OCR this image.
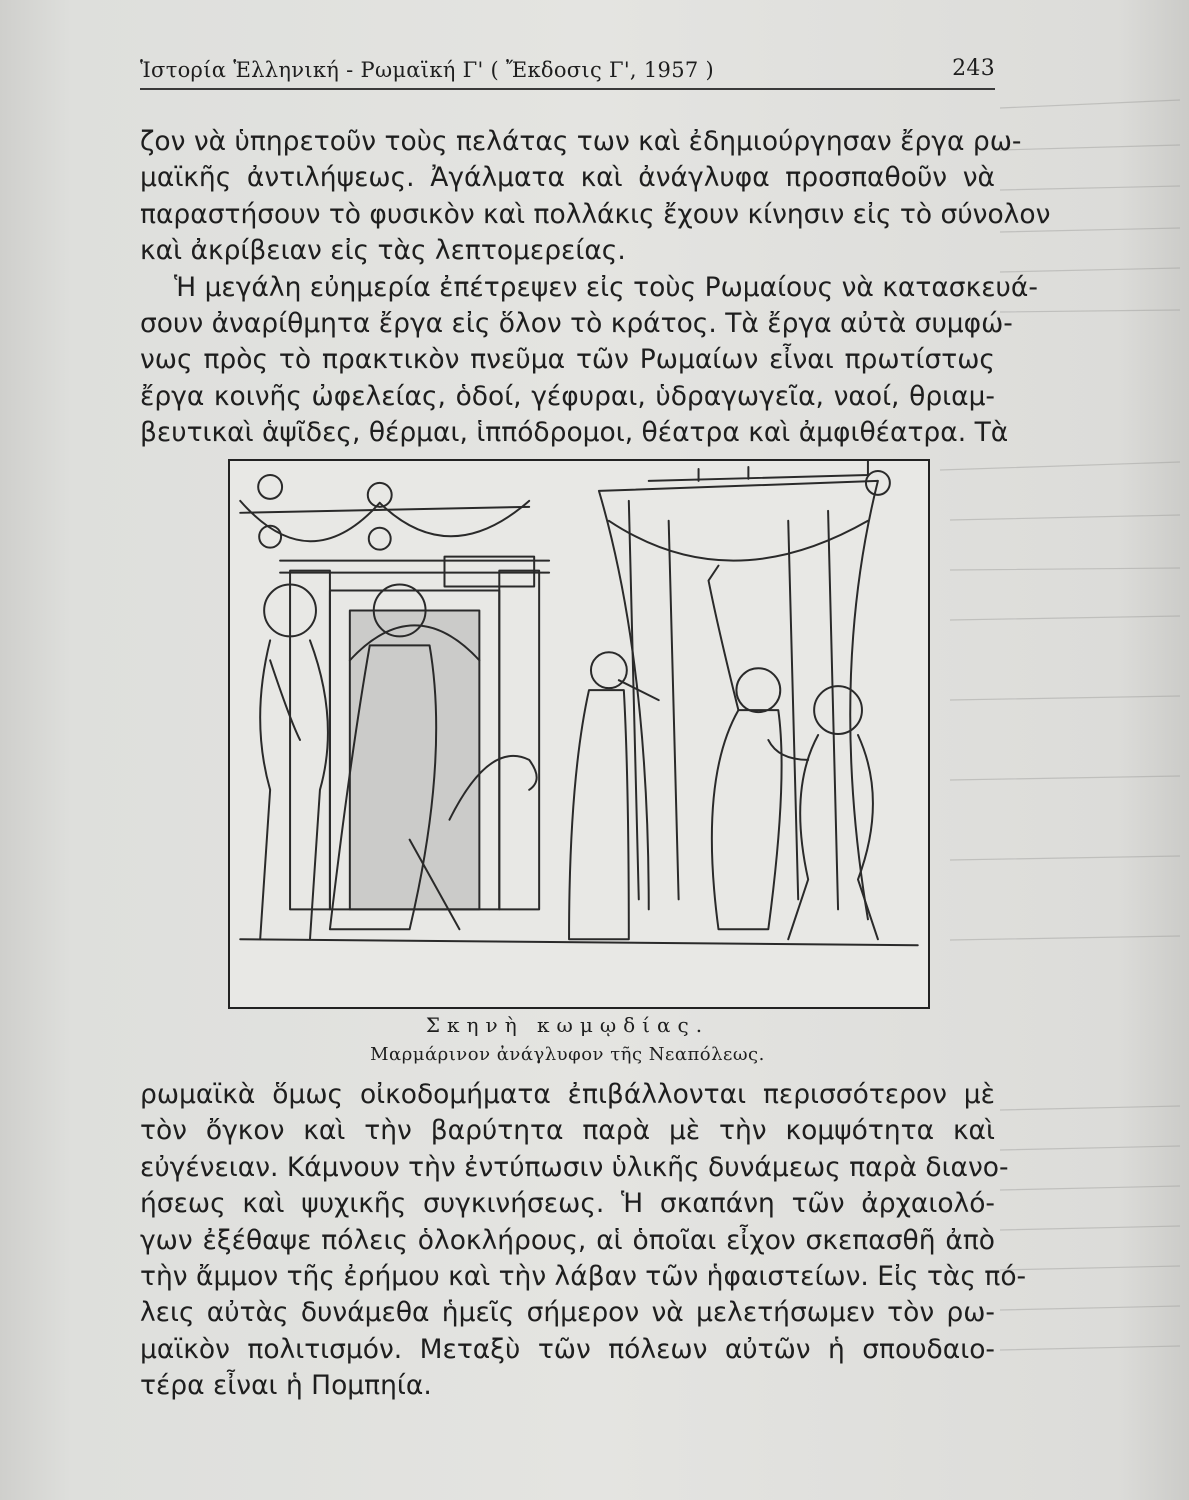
Ἱστορία Ἑλληνική - Ρωμαϊκή Γ' ( Ἔκδοσις Γ', 1957 )	243
ζον νὰ ὑπηρετοῦν τοὺς πελάτας των καὶ ἐδημιούργησαν ἔργα ρω-
μαϊκῆς ἀντιλήψεως. Ἀγάλματα καὶ ἀνάγλυφα προσπαθοῦν νὰ
παραστήσουν τὸ φυσικὸν καὶ πολλάκις ἔχουν κίνησιν εἰς τὸ σύνολον
καὶ ἀκρίβειαν εἰς τὰς λεπτομερείας.
Ἡ μεγάλη εὐημερία ἐπέτρεψεν εἰς τοὺς Ρωμαίους νὰ κατασκευά-
σουν ἀναρίθμητα ἔργα εἰς ὅλον τὸ κράτος. Τὰ ἔργα αὐτὰ συμφώ-
νως πρὸς τὸ πρακτικὸν πνεῦμα τῶν Ρωμαίων εἶναι πρωτίστως
ἔργα κοινῆς ὠφελείας, ὁδοί, γέφυραι, ὑδραγωγεῖα, ναοί, θριαμ-
βευτικαὶ ἁψῖδες, θέρμαι, ἱππόδρομοι, θέατρα καὶ ἀμφιθέατρα. Τὰ
Σκηνὴ κωμῳδίας.
Μαρμάρινον ἀνάγλυφον τῆς Νεαπόλεως.
ρωμαϊκὰ ὅμως οἰκοδομήματα ἐπιβάλλονται περισσότερον μὲ
τὸν ὄγκον καὶ τὴν βαρύτητα παρὰ μὲ τὴν κομψότητα καὶ
εὐγένειαν. Κάμνουν τὴν ἐντύπωσιν ὑλικῆς δυνάμεως παρὰ διανο-
ήσεως καὶ ψυχικῆς συγκινήσεως. Ἡ σκαπάνη τῶν ἀρχαιολό-
γων ἐξέθαψε πόλεις ὁλοκλήρους, αἱ ὁποῖαι εἶχον σκεπασθῆ ἀπὸ
τὴν ἄμμον τῆς ἐρήμου καὶ τὴν λάβαν τῶν ἡφαιστείων. Εἰς τὰς πό-
λεις αὐτὰς δυνάμεθα ἡμεῖς σήμερον νὰ μελετήσωμεν τὸν ρω-
μαϊκὸν πολιτισμόν. Μεταξὺ τῶν πόλεων αὐτῶν ἡ σπουδαιο-
τέρα εἶναι ἡ Πομπηία.
